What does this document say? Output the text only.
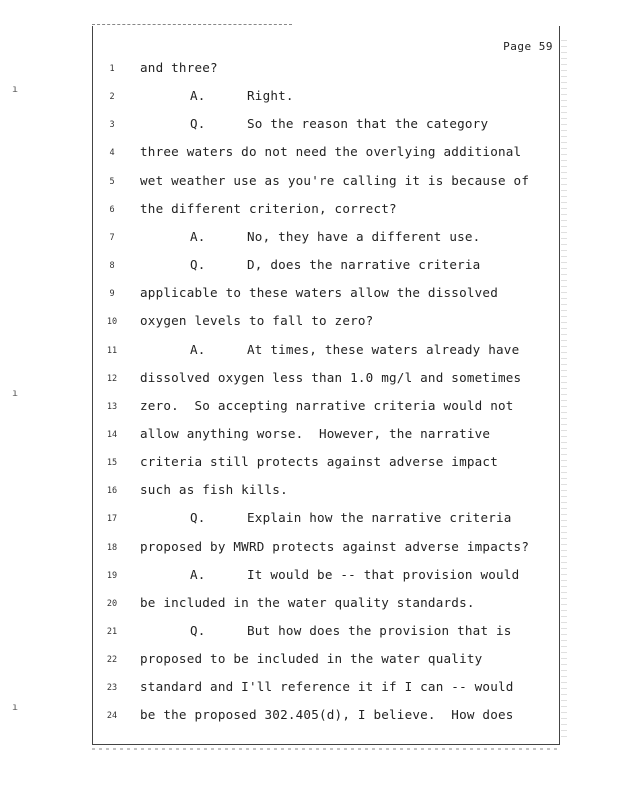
Page 59
1	and three?
2	A.	Right.
3	Q.	So the reason that the category
4	three waters do not need the overlying additional
5	wet weather use as you're calling it is because of
6	the different criterion, correct?
7	A.	No, they have a different use.
8	Q.	D, does the narrative criteria
9	applicable to these waters allow the dissolved
10	oxygen levels to fall to zero?
11	A.	At times, these waters already have
12	dissolved oxygen less than 1.0 mg/l and sometimes
13	zero.  So accepting narrative criteria would not
14	allow anything worse.  However, the narrative
15	criteria still protects against adverse impact
16	such as fish kills.
17	Q.	Explain how the narrative criteria
18	proposed by MWRD protects against adverse impacts?
19	A.	It would be -- that provision would
20	be included in the water quality standards.
21	Q.	But how does the provision that is
22	proposed to be included in the water quality
23	standard and I'll reference it if I can -- would
24	be the proposed 302.405(d), I believe.  How does
ı
ı
ı
